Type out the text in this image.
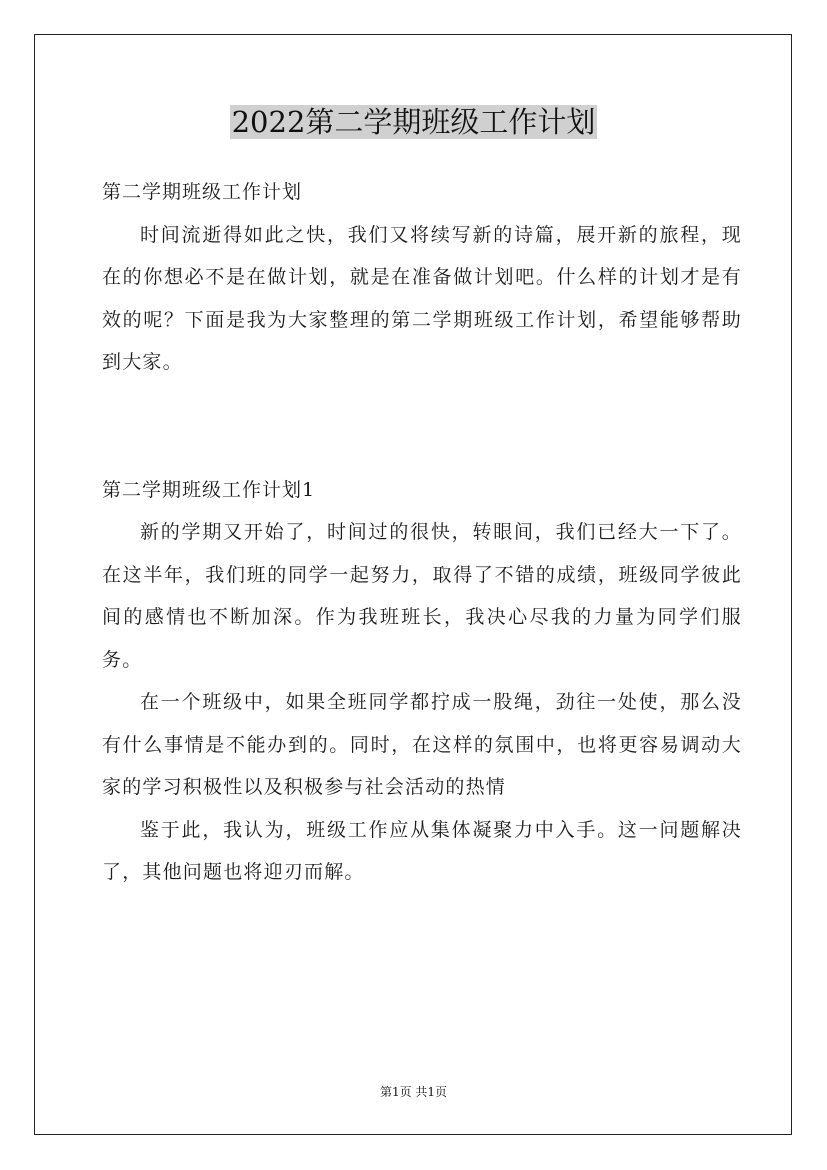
2022第二学期班级工作计划

第二学期班级工作计划

时间流逝得如此之快，我们又将续写新的诗篇，展开新的旅程，现在的你想必不是在做计划，就是在准备做计划吧。什么样的计划才是有效的呢？下面是我为大家整理的第二学期班级工作计划，希望能够帮助到大家。

第二学期班级工作计划1

新的学期又开始了，时间过的很快，转眼间，我们已经大一下了。在这半年，我们班的同学一起努力，取得了不错的成绩，班级同学彼此间的感情也不断加深。作为我班班长，我决心尽我的力量为同学们服务。

在一个班级中，如果全班同学都拧成一股绳，劲往一处使，那么没有什么事情是不能办到的。同时，在这样的氛围中，也将更容易调动大家的学习积极性以及积极参与社会活动的热情

鉴于此，我认为，班级工作应从集体凝聚力中入手。这一问题解决了，其他问题也将迎刃而解。

第1页 共1页
